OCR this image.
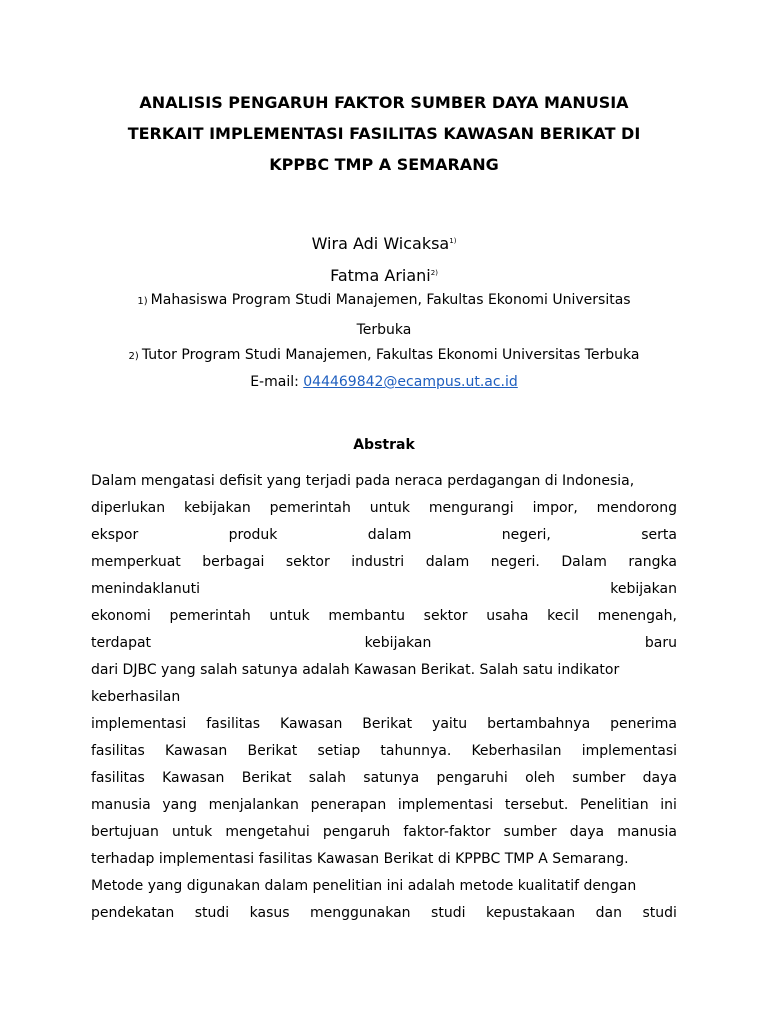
ANALISIS PENGARUH FAKTOR SUMBER DAYA MANUSIA
TERKAIT IMPLEMENTASI FASILITAS KAWASAN BERIKAT DI
KPPBC TMP A SEMARANG
Wira Adi Wicaksa$^{1)}$
Fatma Ariani$^{2)}$
1) Mahasiswa Program Studi Manajemen, Fakultas Ekonomi Universitas
Terbuka
2) Tutor Program Studi Manajemen, Fakultas Ekonomi Universitas Terbuka
E-mail: 044469842@ecampus.ut.ac.id
Abstrak
Dalam mengatasi defisit yang terjadi pada neraca perdagangan di Indonesia,
diperlukan kebijakan pemerintah untuk mengurangi impor, mendorong
ekspor	produk	dalam	negeri,	serta
memperkuat berbagai sektor industri dalam negeri. Dalam rangka
menindaklanuti	kebijakan
ekonomi pemerintah untuk membantu sektor usaha kecil menengah,
terdapat	kebijakan	baru
dari DJBC yang salah satunya adalah Kawasan Berikat. Salah satu indikator
keberhasilan
implementasi fasilitas Kawasan Berikat yaitu bertambahnya penerima
fasilitas Kawasan Berikat setiap tahunnya. Keberhasilan implementasi
fasilitas Kawasan Berikat salah satunya pengaruhi oleh sumber daya
manusia yang menjalankan penerapan implementasi tersebut. Penelitian ini
bertujuan untuk mengetahui pengaruh faktor-faktor sumber daya manusia
terhadap implementasi fasilitas Kawasan Berikat di KPPBC TMP A Semarang.
Metode yang digunakan dalam penelitian ini adalah metode kualitatif dengan
pendekatan studi kasus menggunakan studi kepustakaan dan studi
